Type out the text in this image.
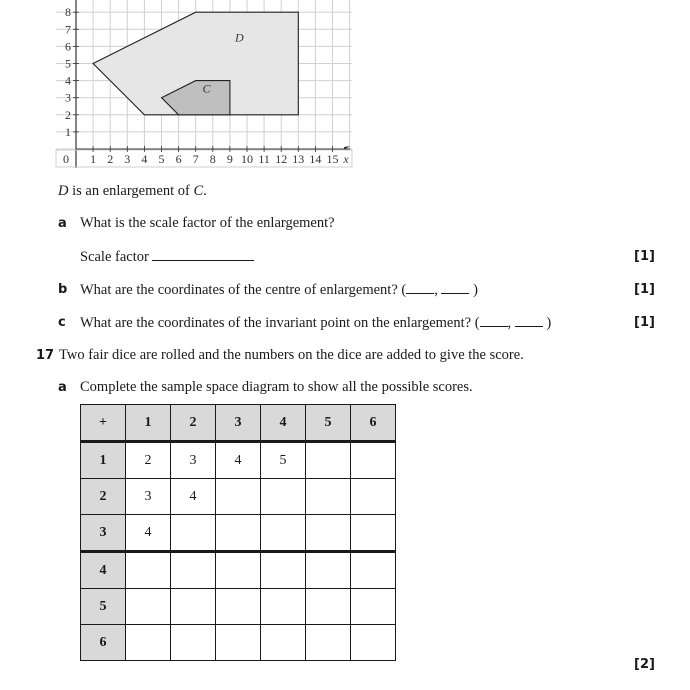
0 1 2 3 4 5 6 7 8 9 10 11 12 13 14 15 x
1
2
3
4
5
6
7
8
D
C
D is an enlargement of C.
a What is the scale factor of the enlargement?
Scale factor	[1]
b What are the coordinates of the centre of enlargement? ( , )	[1]
c What are the coordinates of the invariant point on the enlargement? ( , )	[1]
17 Two fair dice are rolled and the numbers on the dice are added to give the score.
a Complete the sample space diagram to show all the possible scores.
+	1	2	3	4	5	6
1	2	3	4	5		
2	3	4				
3	4					
4						
5						
6						
[2]
